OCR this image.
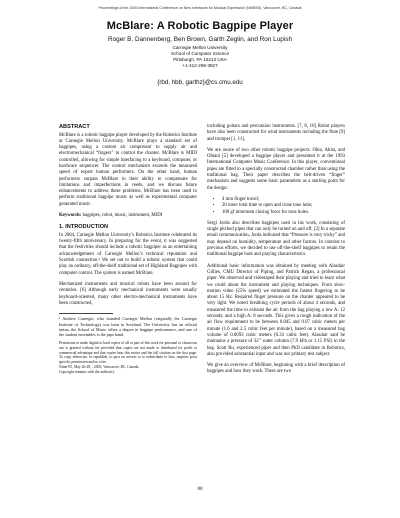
Proceedings of the 2005 International Conference on New Interfaces for Musical Expression (NIME05), Vancouver, BC, Canada
McBlare: A Robotic Bagpipe Player
Roger B. Dannenberg, Ben Brown, Garth Zeglin, and Ron Lupish
Carnegie Mellon University
School of Computer Science
Pittsburgh, PA 15213 USA
+1-412-268-3827
{rbd, hbb, garthz}@cs.cmu.edu
ABSTRACT

McBlare is a robotic bagpipe player developed by the Robotics Institute at Carnegie Mellon University. McBlare plays a standard set of bagpipes, using a custom air compressor to supply air and electromechanical “fingers” to control the chanter. McBlare is MIDI controlled, allowing for simple interfacing to a keyboard, computer, or hardware sequencer. The control mechanism exceeds the measured speed of expert human performers. On the other hand, human performers surpass McBlare in their ability to compensate for limitations and imperfections in reeds, and we discuss future enhancements to address these problems. McBlare has been used to perform traditional bagpipe music as well as experimental computer generated music.

Keywords: bagpipes, robot, music, instrument, MIDI

1. INTRODUCTION

In 2004, Carnegie Mellon University’s Robotics Institute celebrated its twenty-fifth anniversary. In preparing for the event, it was suggested that the festivities should include a robotic bagpiper as an entertaining acknowledgement of Carnegie Mellon’s technical reputation and Scottish connection.¹ We set out to build a robotic system that could play an ordinary, off-the-shelf traditional set of Highland Bagpipes with computer control. The system is named McBlare.

Mechanized instruments and musical robots have been around for centuries. [6] Although early mechanical instruments were usually keyboard-oriented, many other electro-mechanical instruments have been constructed,

¹ Andrew Carnegie, who founded Carnegie Mellon (originally the Carnegie Institute of Technology) was born in Scotland. The University has an official tartan, the School of Music offers a degree in bagpipe performance, and one of the student ensembles is the pipe band.
Permission to make digital or hard copies of all or part of this work for personal or classroom use is granted without fee provided that copies are not made or distributed for profit or commercial advantage and that copies bear this notice and the full citation on the first page. To copy otherwise, or republish, to post on servers or to redistribute to lists, requires prior specific permission and/or a fee.
Nime’05, May 26-28, , 2005, Vancouver, BC, Canada.
Copyright remains with the author(s).

including guitars and percussion instruments. [7, 8, 10] Robot players have also been constructed for wind instruments including the flute [9] and trumpet [1, 11].

We are aware of two other robotic bagpipe projects. Ohta, Akita, and Ohtani [5] developed a bagpipe player and presented it at the 1993 International Computer Music Conference. In this player, conventional pipes are fitted to a specially constructed chamber rather than using the traditional bag. Their paper describes the belt-driven “finger” mechanism and suggests some basic parameters as a starting point for the design:

• 4 mm finger travel;
• 20 msec total time to open and close tone hole;
• 100 gf minimum closing force for tone holes.

Sergi Jorda also describes bagpipes used in his work, consisting of single pitched pipes that can only be turned on and off. [2] In a separate email communication, Jorda indicated that “Pressure is very tricky” and may depend on humidity, temperature and other factors. In contrast to previous efforts, we decided to use off-the-shelf bagpipes to retain the traditional bagpipe look and playing characteristics.

Additional basic information was obtained by meeting with Alasdair Gillies, CMU Director of Piping, and Patrick Regan, a professional piper. We observed and videotaped their playing and tried to learn what we could about the instrument and playing techniques. From slow-motion video (25% speed) we estimated the fastest fingering to be about 15 Hz. Required finger pressure on the chanter appeared to be very light. We noted breathing cycle periods of about 4 seconds, and measured the time to exhaust the air from the bag playing a low A: 12 seconds; and a high A: 8 seconds. This gives a rough indication of the air flow requirement to be between 0.045 and 0.07 cubic meters per minute (1.6 and 2.5 cubic feet per minute), based on a measured bag volume of 0.0093 cubic meters (0.33 cubic feet). Alasdair said he maintains a pressure of 32” water column (7.9 kPa or 1.15 PSI) in the bag. Scott Bu, experienced piper and then PhD candidate in Robotics, also provided substantial input and was our primary test subject.

We give an overview of McBlare, beginning with a brief description of bagpipes and how they work. There are two

80
